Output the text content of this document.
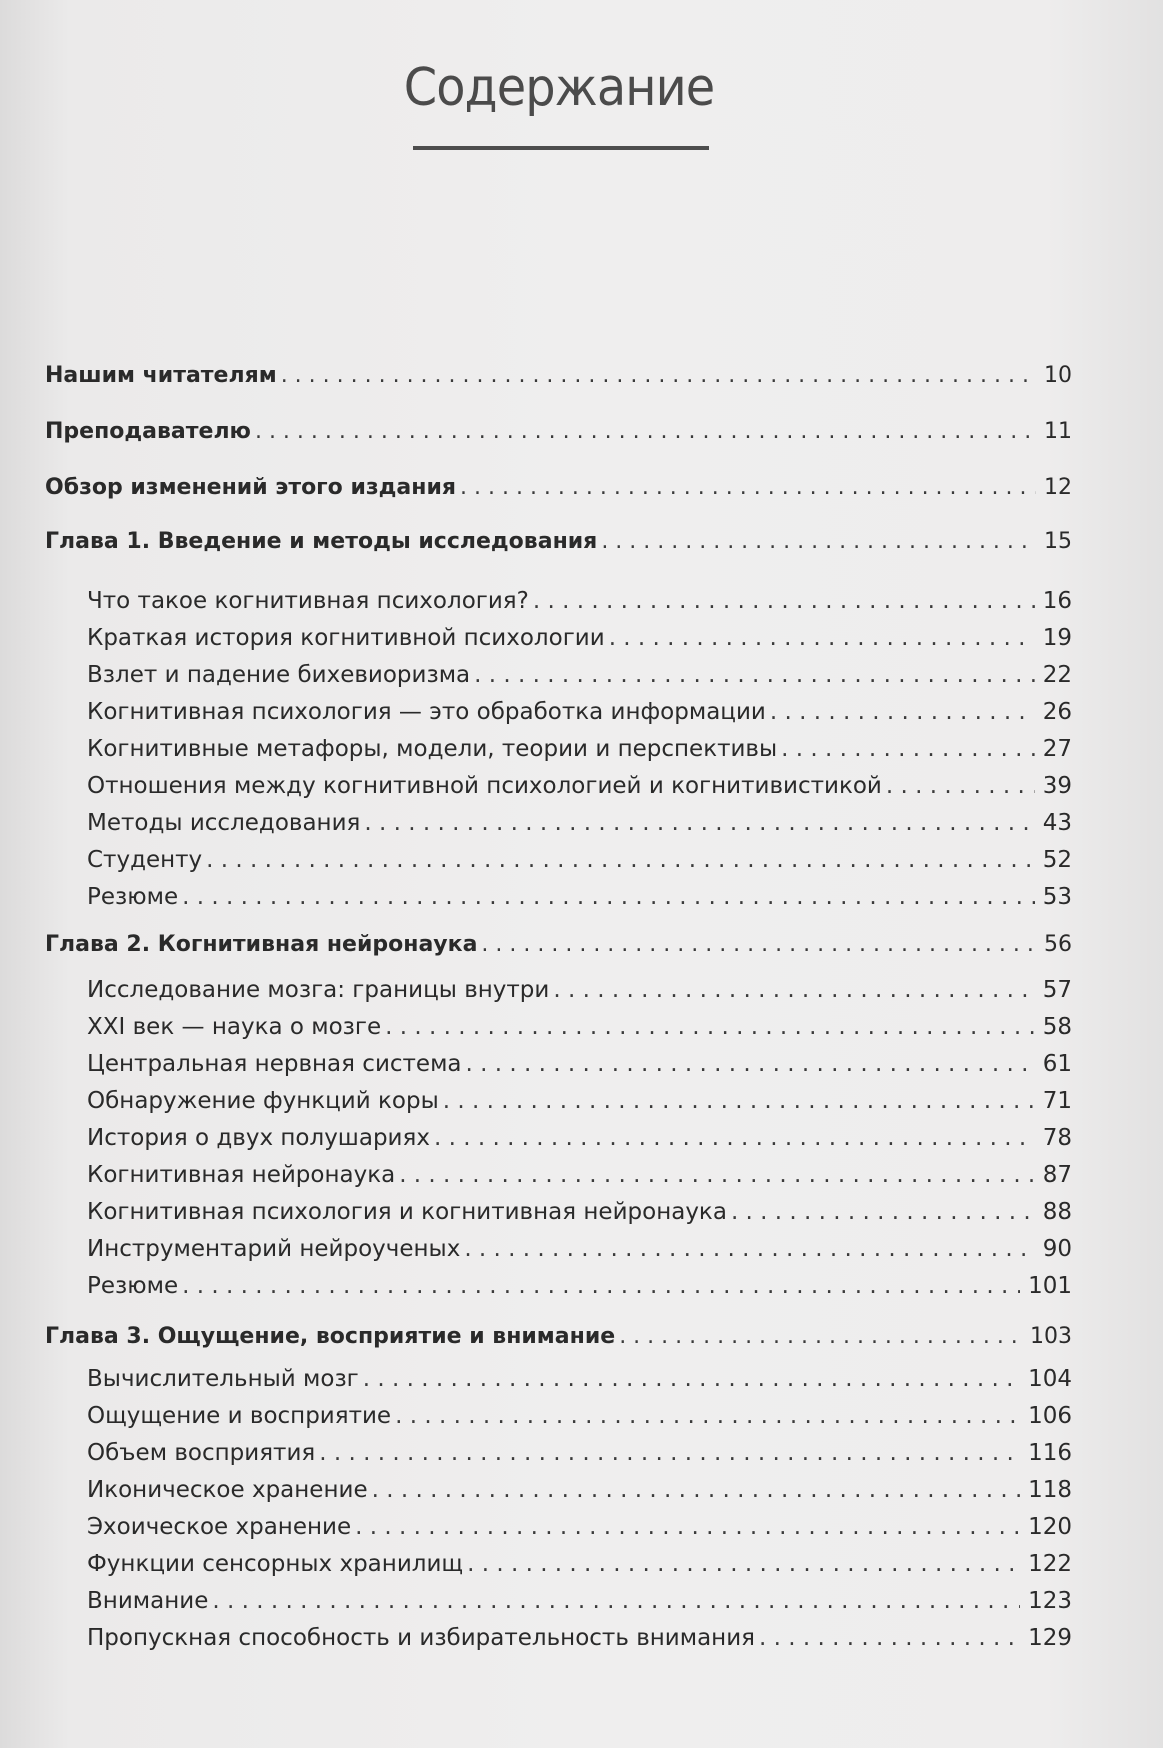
Содержание
Нашим читателям . . .	10
Преподавателю . . .	11
Обзор изменений этого издания . . .	12
Глава 1. Введение и методы исследования . . .	15
Что такое когнитивная психология? . . .	16
Краткая история когнитивной психологии . . .	19
Взлет и падение бихевиоризма . . .	22
Когнитивная психология — это обработка информации . . .	26
Когнитивные метафоры, модели, теории и перспективы . . .	27
Отношения между когнитивной психологией и когнитивистикой . . .	39
Методы исследования . . .	43
Студенту . . .	52
Резюме . . .	53
Глава 2. Когнитивная нейронаука . . .	56
Исследование мозга: границы внутри . . .	57
XXI век — наука о мозге . . .	58
Центральная нервная система . . .	61
Обнаружение функций коры . . .	71
История о двух полушариях . . .	78
Когнитивная нейронаука . . .	87
Когнитивная психология и когнитивная нейронаука . . .	88
Инструментарий нейроученых . . .	90
Резюме . . .	101
Глава 3. Ощущение, восприятие и внимание . . .	103
Вычислительный мозг . . .	104
Ощущение и восприятие . . .	106
Объем восприятия . . .	116
Иконическое хранение . . .	118
Эхоическое хранение . . .	120
Функции сенсорных хранилищ . . .	122
Внимание . . .	123
Пропускная способность и избирательность внимания . . .	129
